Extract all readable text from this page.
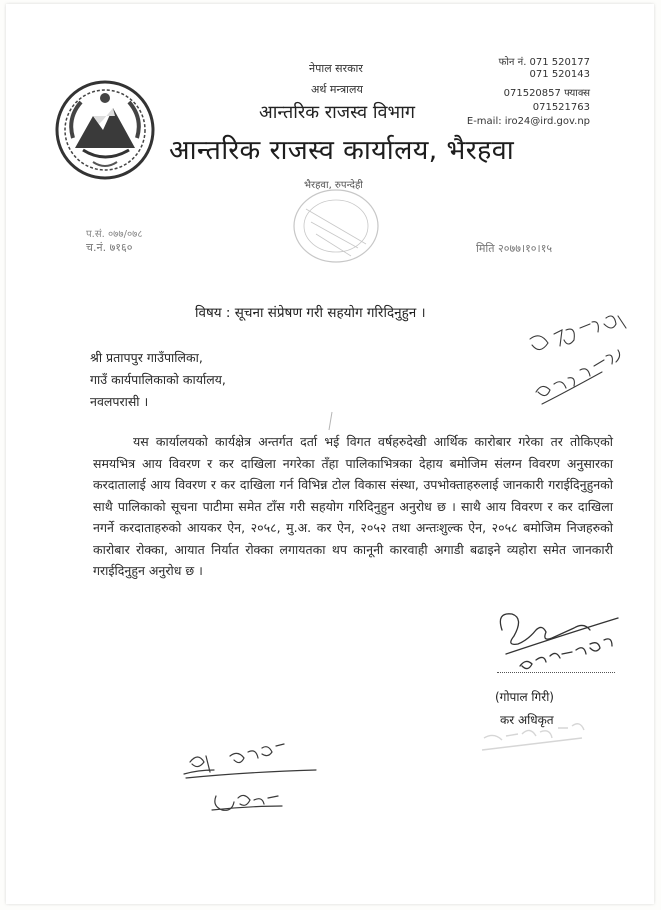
नेपाल सरकार
अर्थ मन्त्रालय
आन्तरिक राजस्व विभाग
आन्तरिक राजस्व कार्यालय, भैरहवा
भैरहवा, रुपन्देही
फोन नं. 071 520177
071 520143
071520857 फ्याक्स
071521763
E-mail: iro24@ird.gov.np
प.सं. ०७७/०७८
च.नं. ७१६०	मिति २०७७।१०।१५
विषय : सूचना संप्रेषण गरी सहयोग गरिदिनुहुन ।
श्री प्रतापपुर गाउँपालिका,
गाउँ कार्यपालिकाको कार्यालय,
नवलपरासी ।
यस कार्यालयको कार्यक्षेत्र अन्तर्गत दर्ता भई विगत वर्षहरुदेखी आर्थिक कारोबार गरेका तर तोकिएको समयभित्र आय विवरण र कर दाखिला नगरेका तँहा पालिकाभित्रका देहाय बमोजिम संलग्न विवरण अनुसारका करदातालाई आय विवरण र कर दाखिला गर्न विभिन्न टोल विकास संस्था, उपभोक्ताहरुलाई जानकारी गराईदिनुहुनको साथै पालिकाको सूचना पाटीमा समेत टाँस गरी सहयोग गरिदिनुहुन अनुरोध छ । साथै आय विवरण र कर दाखिला नगर्ने करदाताहरुको आयकर ऐन, २०५८, मु.अ. कर ऐन, २०५२ तथा अन्तःशुल्क ऐन, २०५८ बमोजिम निजहरुको कारोबार रोक्का, आयात निर्यात रोक्का लगायतका थप कानूनी कारवाही अगाडी बढाइने व्यहोरा समेत जानकारी गराईदिनुहुन अनुरोध छ ।
(गोपाल गिरी)
कर अधिकृत
